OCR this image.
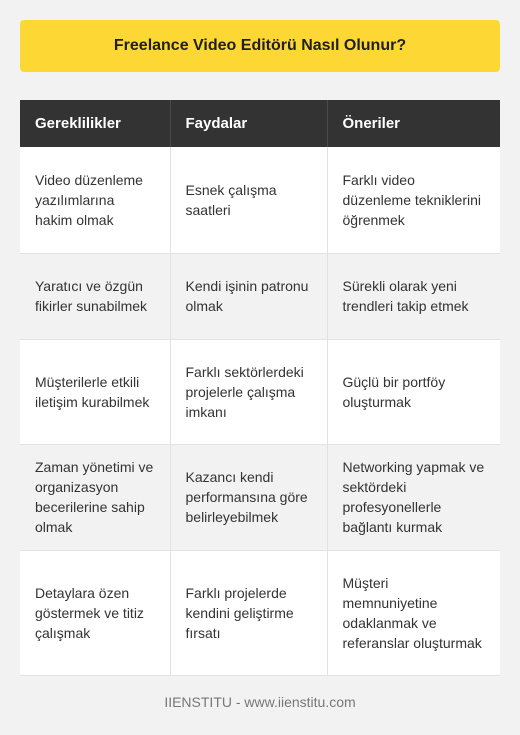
Freelance Video Editörü Nasıl Olunur?
Gereklilikler	Faydalar	Öneriler
Video düzenleme yazılımlarına hakim olmak	Esnek çalışma saatleri	Farklı video düzenleme tekniklerini öğrenmek
Yaratıcı ve özgün fikirler sunabilmek	Kendi işinin patronu olmak	Sürekli olarak yeni trendleri takip etmek
Müşterilerle etkili iletişim kurabilmek	Farklı sektörlerdeki projelerle çalışma imkanı	Güçlü bir portföy oluşturmak
Zaman yönetimi ve organizasyon becerilerine sahip olmak	Kazancı kendi performansına göre belirleyebilmek	Networking yapmak ve sektördeki profesyonellerle bağlantı kurmak
Detaylara özen göstermek ve titiz çalışmak	Farklı projelerde kendini geliştirme fırsatı	Müşteri memnuniyetine odaklanmak ve referanslar oluşturmak
IIENSTITU - www.iienstitu.com
